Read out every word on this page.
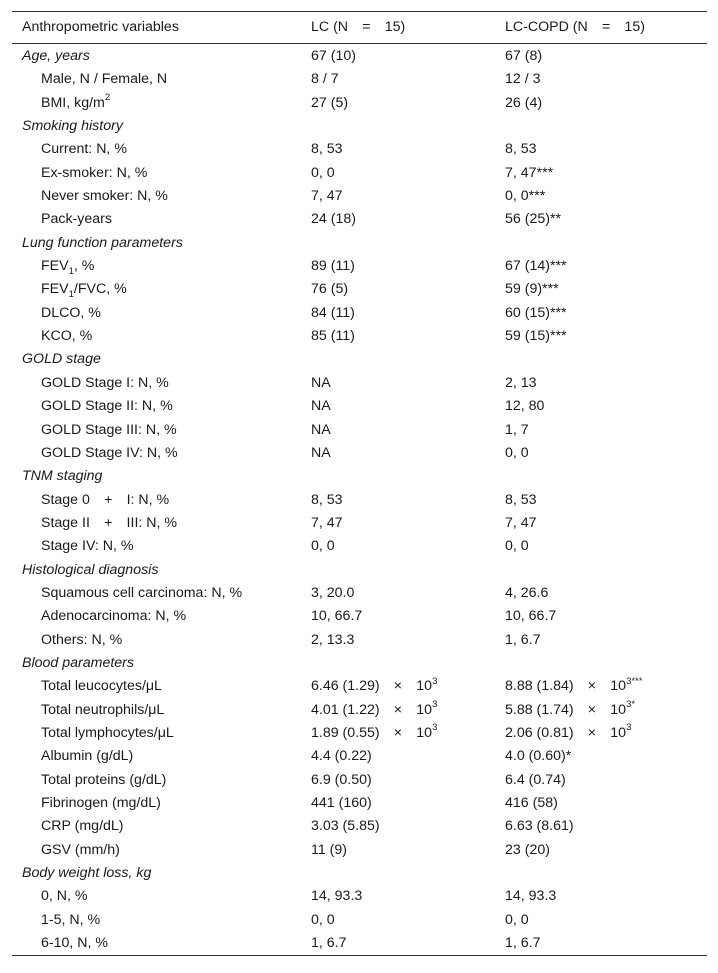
Anthropometric variables	LC (N  =  15)	LC-COPD (N  =  15)
Age, years	67 (10)	67 (8)
Male, N / Female, N	8 / 7	12 / 3
BMI, $kg/m^2$	27 (5)	26 (4)
Smoking history
Current: N, %	8, 53	8, 53
Ex-smoker: N, %	0, 0	7, 47***
Never smoker: N, %	7, 47	0, 0***
Pack-years	24 (18)	56 (25)**
Lung function parameters
$FEV_1$, %	89 (11)	67 (14)***
$FEV_1$/FVC, %	76 (5)	59 (9)***
DLCO, %	84 (11)	60 (15)***
KCO, %	85 (11)	59 (15)***
GOLD stage
GOLD Stage I: N, %	NA	2, 13
GOLD Stage II: N, %	NA	12, 80
GOLD Stage III: N, %	NA	1, 7
GOLD Stage IV: N, %	NA	0, 0
TNM staging
Stage 0 + I: N, %	8, 53	8, 53
Stage II + III: N, %	7, 47	7, 47
Stage IV: N, %	0, 0	0, 0
Histological diagnosis
Squamous cell carcinoma: N, %	3, 20.0	4, 26.6
Adenocarcinoma: N, %	10, 66.7	10, 66.7
Others: N, %	2, 13.3	1, 6.7
Blood parameters
Total leucocytes/μL	6.46 (1.29) × $10^3$	8.88 (1.84) × $10^{3***}$
Total neutrophils/μL	4.01 (1.22) × $10^3$	5.88 (1.74) × $10^{3*}$
Total lymphocytes/μL	1.89 (0.55) × $10^3$	2.06 (0.81) × $10^3$
Albumin (g/dL)	4.4 (0.22)	4.0 (0.60)*
Total proteins (g/dL)	6.9 (0.50)	6.4 (0.74)
Fibrinogen (mg/dL)	441 (160)	416 (58)
CRP (mg/dL)	3.03 (5.85)	6.63 (8.61)
GSV (mm/h)	11 (9)	23 (20)
Body weight loss, kg
0, N, %	14, 93.3	14, 93.3
1-5, N, %	0, 0	0, 0
6-10, N, %	1, 6.7	1, 6.7
